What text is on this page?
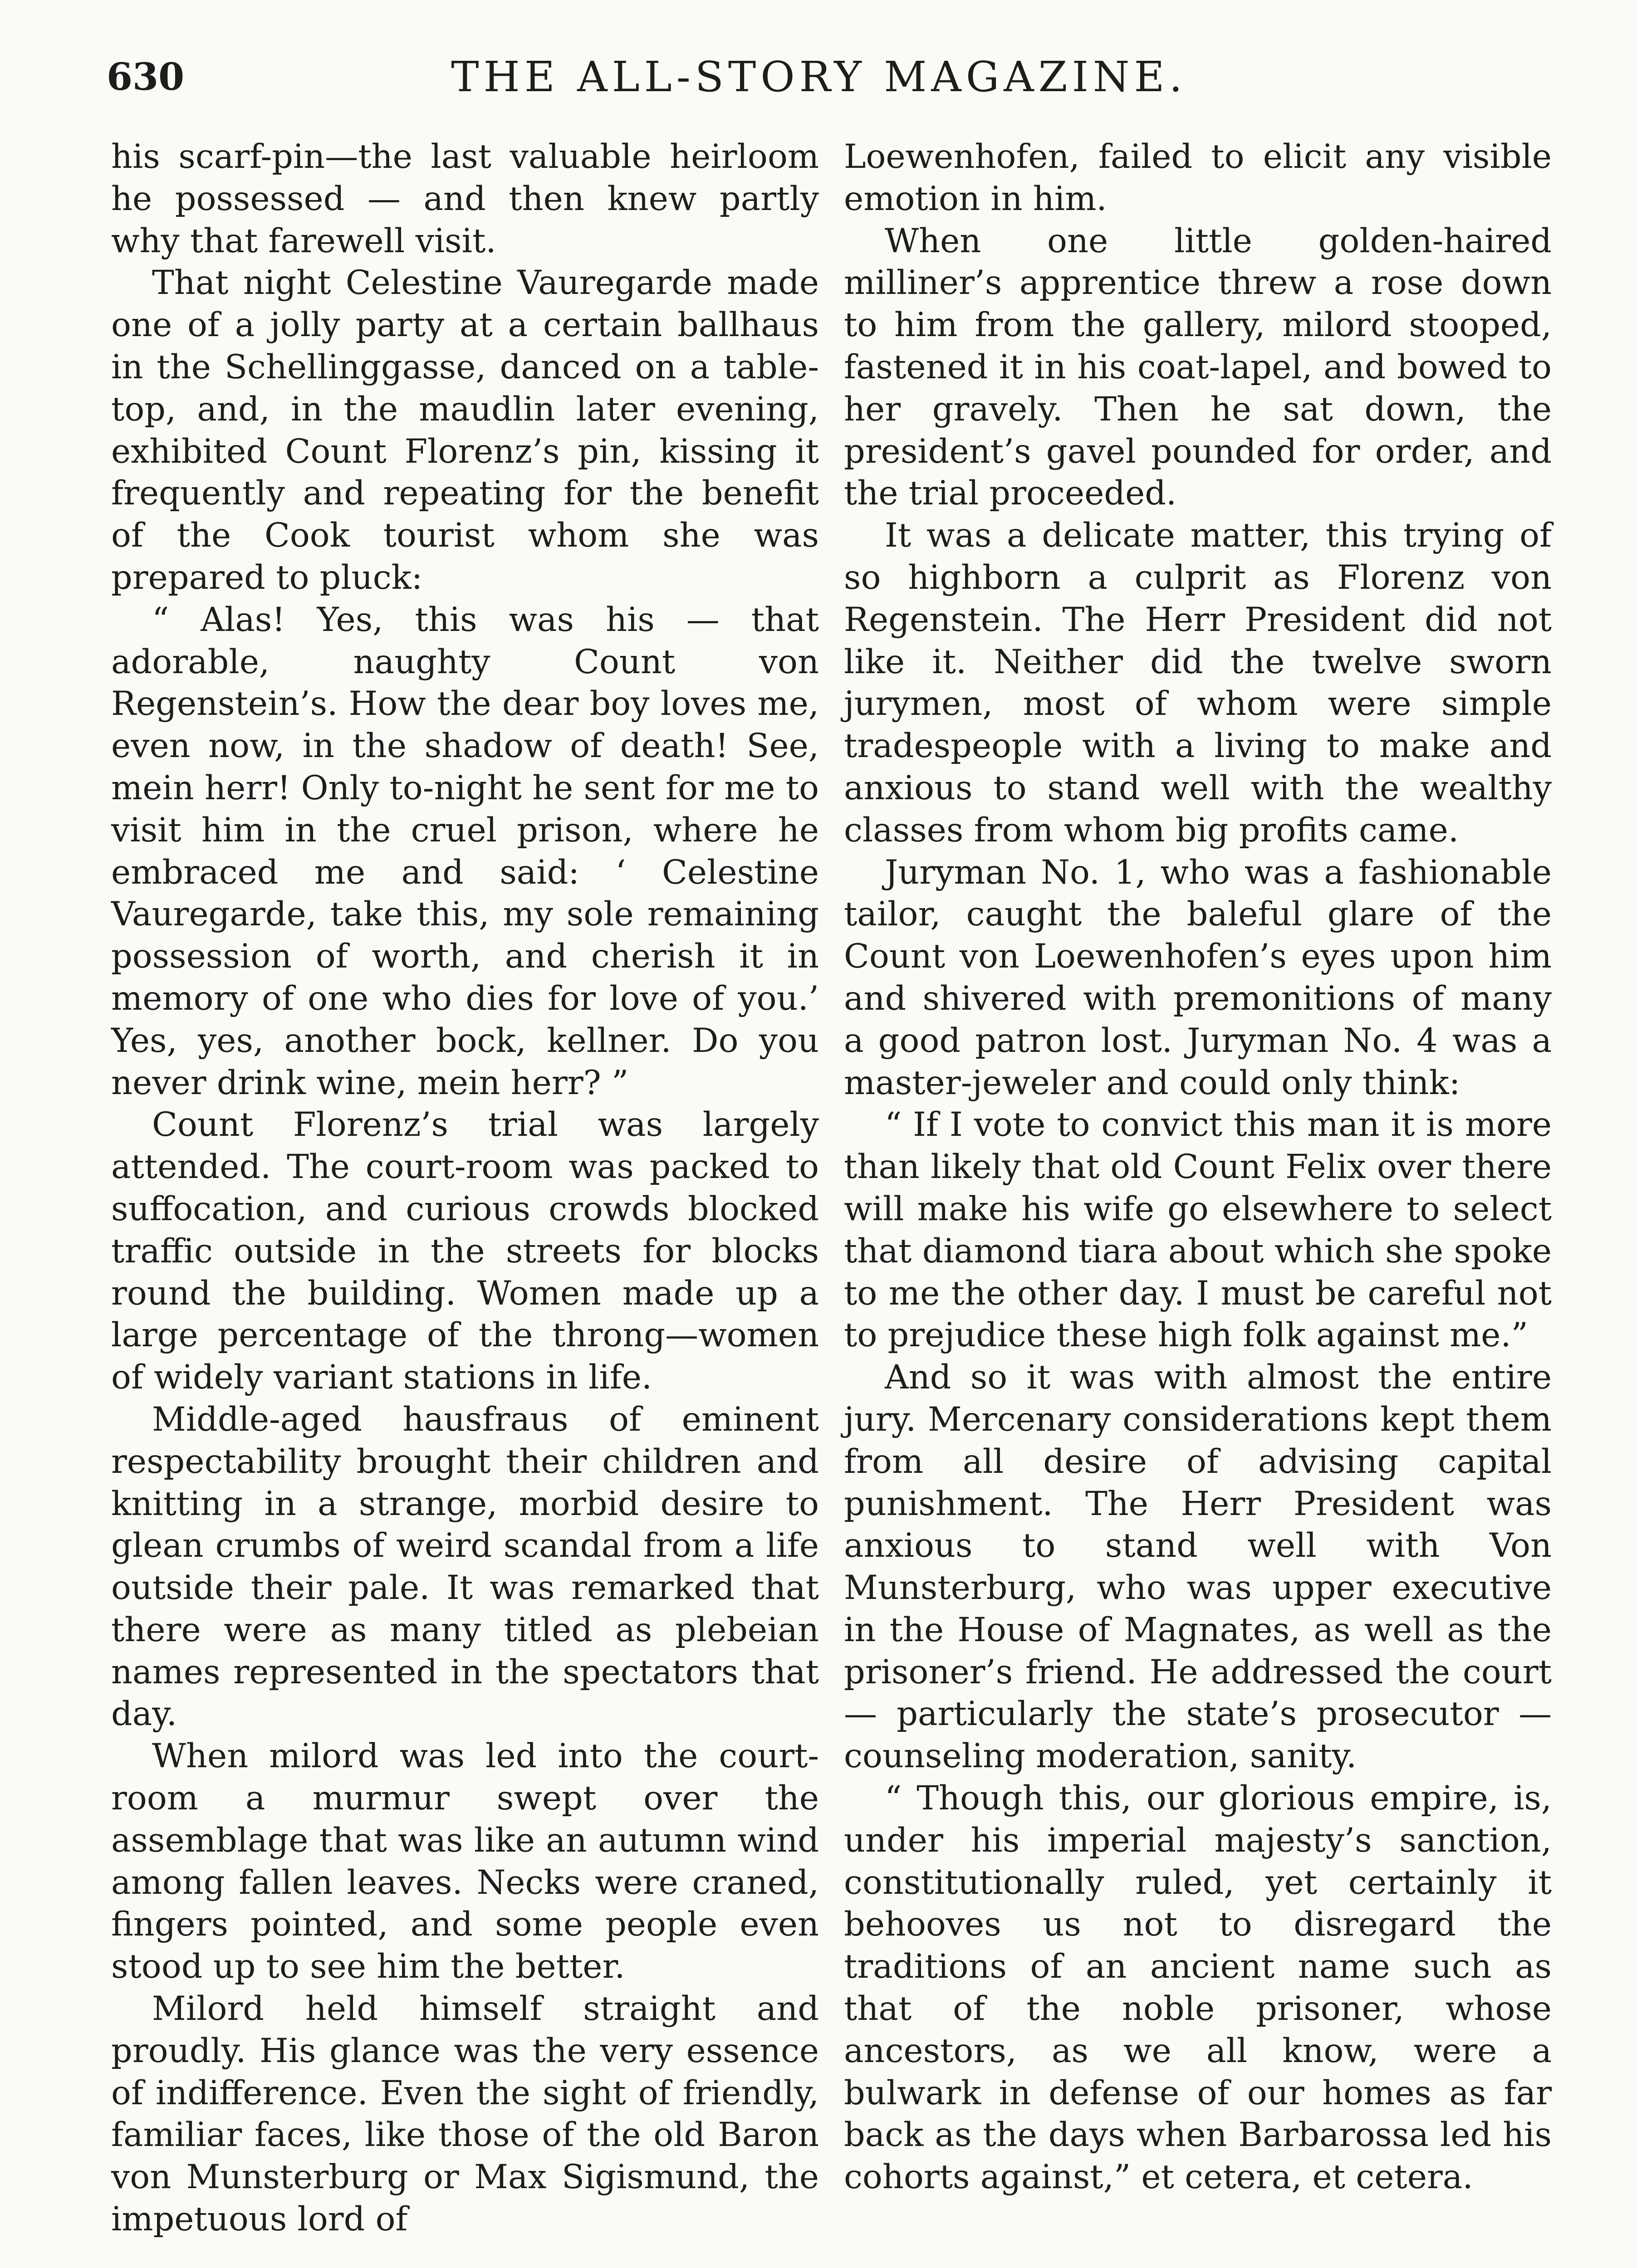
630	THE ALL-STORY MAGAZINE.

his scarf-pin—the last valuable heirloom he possessed — and then knew partly why that farewell visit.

That night Celestine Vauregarde made one of a jolly party at a certain ballhaus in the Schellinggasse, danced on a table-top, and, in the maudlin later evening, exhibited Count Florenz’s pin, kissing it frequently and repeating for the benefit of the Cook tourist whom she was prepared to pluck:

“ Alas! Yes, this was his — that adorable, naughty Count von Regenstein’s. How the dear boy loves me, even now, in the shadow of death! See, mein herr! Only to-night he sent for me to visit him in the cruel prison, where he embraced me and said: ‘ Celestine Vauregarde, take this, my sole remaining possession of worth, and cherish it in memory of one who dies for love of you.’ Yes, yes, another bock, kellner. Do you never drink wine, mein herr? ”

Count Florenz’s trial was largely attended. The court-room was packed to suffocation, and curious crowds blocked traffic outside in the streets for blocks round the building. Women made up a large percentage of the throng—women of widely variant stations in life.

Middle-aged hausfraus of eminent respectability brought their children and knitting in a strange, morbid desire to glean crumbs of weird scandal from a life outside their pale. It was remarked that there were as many titled as plebeian names represented in the spectators that day.

When milord was led into the court-room a murmur swept over the assemblage that was like an autumn wind among fallen leaves. Necks were craned, fingers pointed, and some people even stood up to see him the better.

Milord held himself straight and proudly. His glance was the very essence of indifference. Even the sight of friendly, familiar faces, like those of the old Baron von Munsterburg or Max Sigismund, the impetuous lord of

Loewenhofen, failed to elicit any visible emotion in him.

When one little golden-haired milliner’s apprentice threw a rose down to him from the gallery, milord stooped, fastened it in his coat-lapel, and bowed to her gravely. Then he sat down, the president’s gavel pounded for order, and the trial proceeded.

It was a delicate matter, this trying of so highborn a culprit as Florenz von Regenstein. The Herr President did not like it. Neither did the twelve sworn jurymen, most of whom were simple tradespeople with a living to make and anxious to stand well with the wealthy classes from whom big profits came.

Juryman No. 1, who was a fashionable tailor, caught the baleful glare of the Count von Loewenhofen’s eyes upon him and shivered with premonitions of many a good patron lost. Juryman No. 4 was a master-jeweler and could only think:

“ If I vote to convict this man it is more than likely that old Count Felix over there will make his wife go elsewhere to select that diamond tiara about which she spoke to me the other day. I must be careful not to prejudice these high folk against me.”

And so it was with almost the entire jury. Mercenary considerations kept them from all desire of advising capital punishment. The Herr President was anxious to stand well with Von Munsterburg, who was upper executive in the House of Magnates, as well as the prisoner’s friend. He addressed the court — particularly the state’s prosecutor — counseling moderation, sanity.

“ Though this, our glorious empire, is, under his imperial majesty’s sanction, constitutionally ruled, yet certainly it behooves us not to disregard the traditions of an ancient name such as that of the noble prisoner, whose ancestors, as we all know, were a bulwark in defense of our homes as far back as the days when Barbarossa led his cohorts against,” et cetera, et cetera.
